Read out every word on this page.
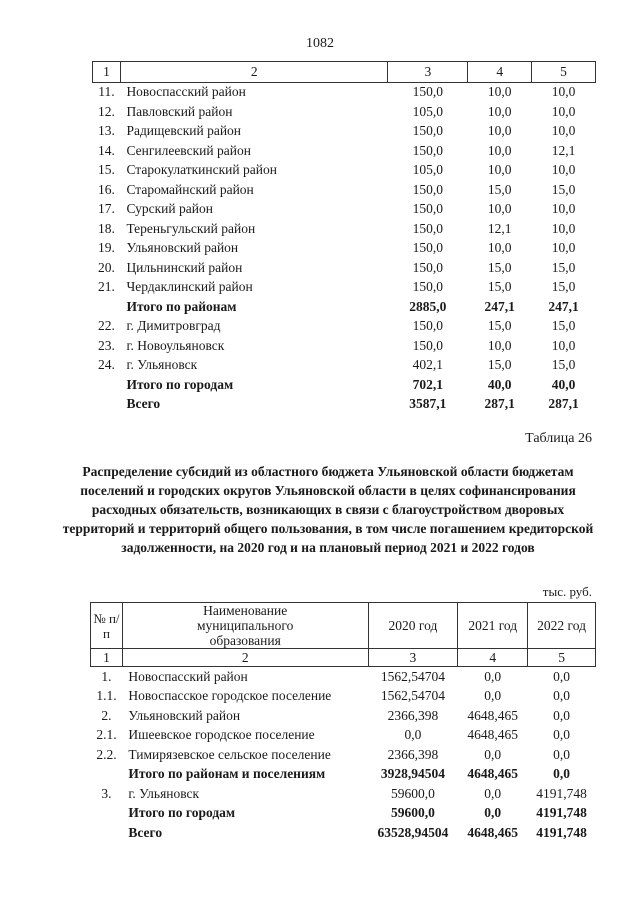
1082
1	2	3	4	5
11.	Новоспасский район	150,0	10,0	10,0
12.	Павловский район	105,0	10,0	10,0
13.	Радищевский район	150,0	10,0	10,0
14.	Сенгилеевский район	150,0	10,0	12,1
15.	Старокулаткинский район	105,0	10,0	10,0
16.	Старомайнский район	150,0	15,0	15,0
17.	Сурский район	150,0	10,0	10,0
18.	Тереньгульский район	150,0	12,1	10,0
19.	Ульяновский район	150,0	10,0	10,0
20.	Цильнинский район	150,0	15,0	15,0
21.	Чердаклинский район	150,0	15,0	15,0
	Итого по районам	2885,0	247,1	247,1
22.	г. Димитровград	150,0	15,0	15,0
23.	г. Новоульяновск	150,0	10,0	10,0
24.	г. Ульяновск	402,1	15,0	15,0
	Итого по городам	702,1	40,0	40,0
	Всего	3587,1	287,1	287,1
Таблица 26
Распределение субсидий из областного бюджета Ульяновской области бюджетам поселений и городских округов Ульяновской области в целях софинансирования расходных обязательств, возникающих в связи с благоустройством дворовых территорий и территорий общего пользования, в том числе погашением кредиторской задолженности, на 2020 год и на плановый период 2021 и 2022 годов
тыс. руб.
№ п/п	Наименование муниципального образования	2020 год	2021 год	2022 год
1	2	3	4	5
1.	Новоспасский район	1562,54704	0,0	0,0
1.1.	Новоспасское городское поселение	1562,54704	0,0	0,0
2.	Ульяновский район	2366,398	4648,465	0,0
2.1.	Ишеевское городское поселение	0,0	4648,465	0,0
2.2.	Тимирязевское сельское поселение	2366,398	0,0	0,0
	Итого по районам и поселениям	3928,94504	4648,465	0,0
3.	г. Ульяновск	59600,0	0,0	4191,748
	Итого по городам	59600,0	0,0	4191,748
	Всего	63528,94504	4648,465	4191,748
